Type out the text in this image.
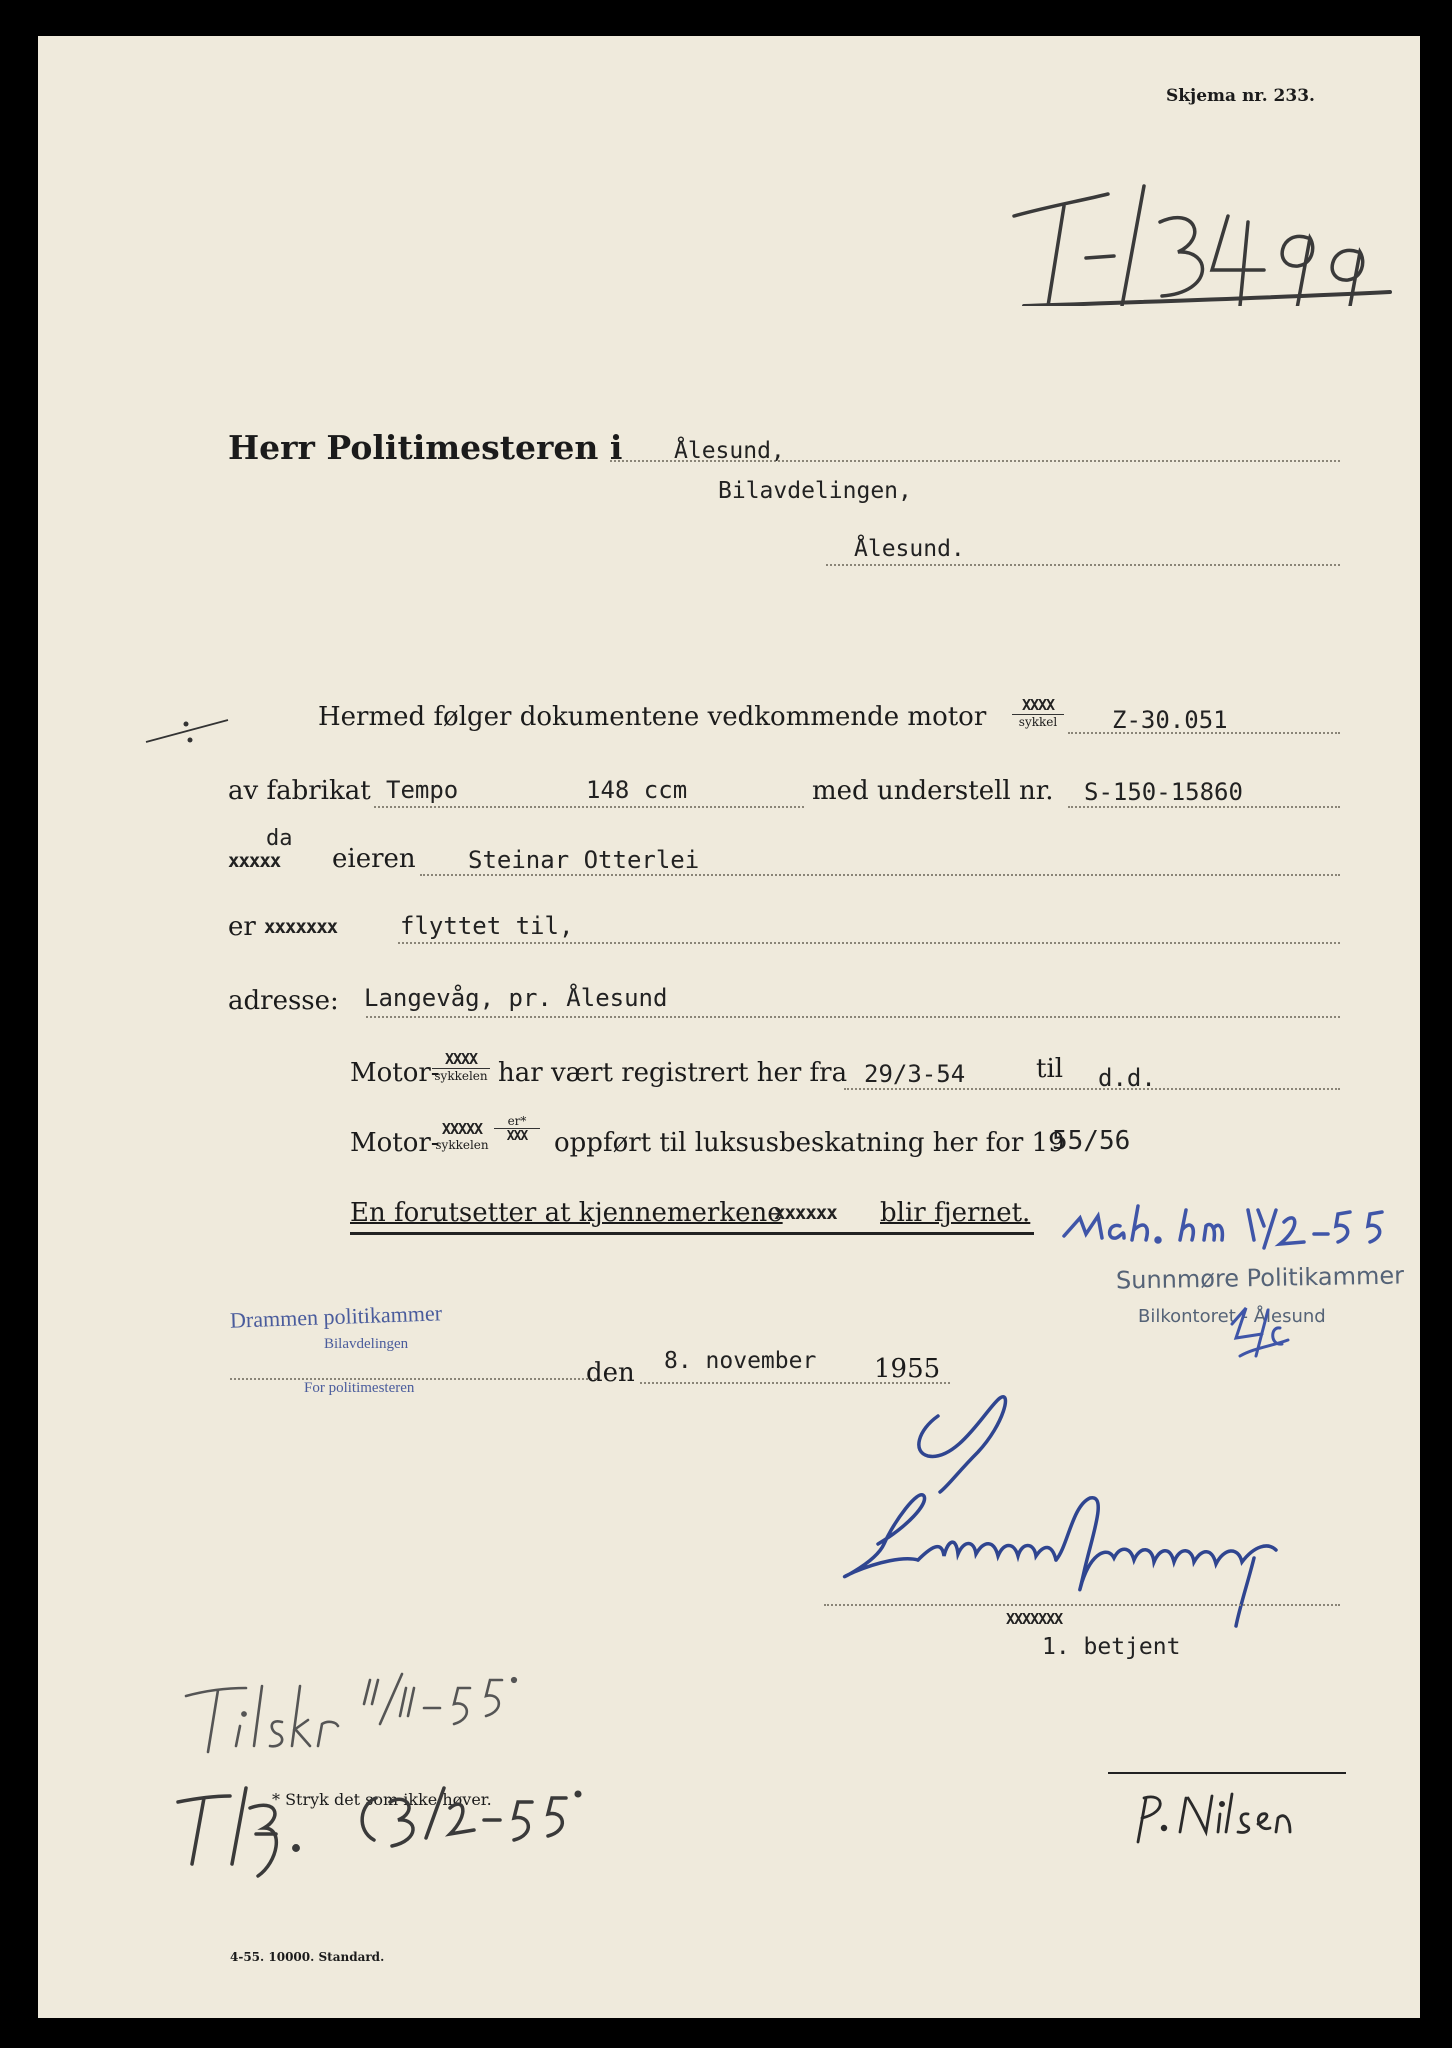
Skjema nr. 233.
Herr Politimesteren i Ålesund,
Bilavdelingen,
Ålesund.
Hermed følger dokumentene vedkommende motor	XXXX
sykkel Z-30.051
av fabrikat Tempo	148 ccm	med understell nr. S-150-15860
da
xxxxx eieren Steinar Otterlei
er xxxxxxx	flyttet til,
adresse: Langevåg, pr. Ålesund
Motor- XXXX
sykkelen har vært registrert her fra 29/3-54	til d.d.
Motor- XXXXX
sykkelen
er*
XXX	oppført til luksusbeskatning her for 19
55/56
En forutsetter at kjennemerkene
xxxxxx blir fjernet.
Sunnmøre Politikammer
Bilkontoret - Ålesund
Drammen politikammer
Bilavdelingen
For politimesteren	den 8. november 1955
XXXXXXX
1. betjent
* Stryk det som ikke høver.
4-55. 10000. Standard.
